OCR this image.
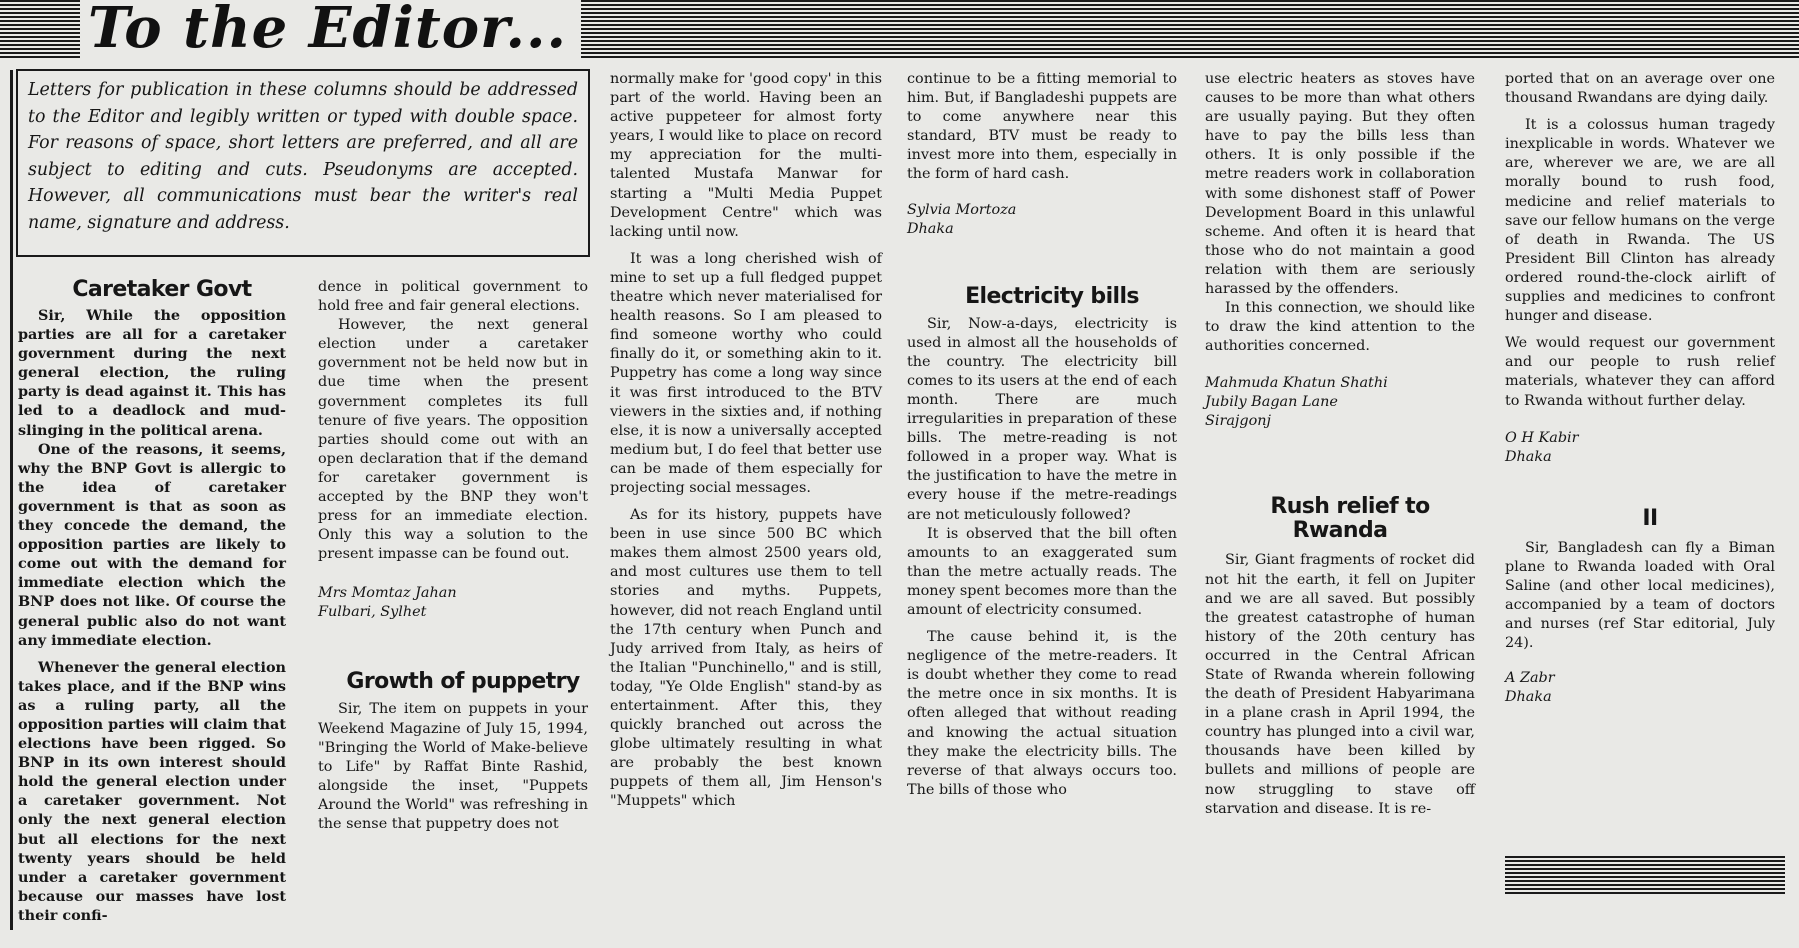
To the Editor...
Letters for publication in these columns should be addressed to the Editor and legibly written or typed with double space. For reasons of space, short letters are preferred, and all are subject to editing and cuts. Pseudonyms are accepted. However, all communications must bear the writer's real name, signature and address.

Caretaker Govt

Sir, While the opposition parties are all for a caretaker government during the next general election, the ruling party is dead against it. This has led to a deadlock and mud-slinging in the political arena.

One of the reasons, it seems, why the BNP Govt is allergic to the idea of caretaker government is that as soon as they concede the demand, the opposition parties are likely to come out with the demand for immediate election which the BNP does not like. Of course the general public also do not want any immediate election.

Whenever the general election takes place, and if the BNP wins as a ruling party, all the opposition parties will claim that elections have been rigged. So BNP in its own interest should hold the general election under a caretaker government. Not only the next general election but all elections for the next twenty years should be held under a caretaker government because our masses have lost their confi-

dence in political government to hold free and fair general elections.

However, the next general election under a caretaker government not be held now but in due time when the present government completes its full tenure of five years. The opposition parties should come out with an open declaration that if the demand for caretaker government is accepted by the BNP they won't press for an immediate election. Only this way a solution to the present impasse can be found out.

Mrs Momtaz Jahan
Fulbari, Sylhet

Growth of puppetry

Sir, The item on puppets in your Weekend Magazine of July 15, 1994, "Bringing the World of Make-believe to Life" by Raffat Binte Rashid, alongside the inset, "Puppets Around the World" was refreshing in the sense that puppetry does not

normally make for 'good copy' in this part of the world. Having been an active puppeteer for almost forty years, I would like to place on record my appreciation for the multi-talented Mustafa Manwar for starting a "Multi Media Puppet Development Centre" which was lacking until now.

It was a long cherished wish of mine to set up a full fledged puppet theatre which never materialised for health reasons. So I am pleased to find someone worthy who could finally do it, or something akin to it. Puppetry has come a long way since it was first introduced to the BTV viewers in the sixties and, if nothing else, it is now a universally accepted medium but, I do feel that better use can be made of them especially for projecting social messages.

As for its history, puppets have been in use since 500 BC which makes them almost 2500 years old, and most cultures use them to tell stories and myths. Puppets, however, did not reach England until the 17th century when Punch and Judy arrived from Italy, as heirs of the Italian "Punchinello," and is still, today, "Ye Olde English" stand-by as entertainment. After this, they quickly branched out across the globe ultimately resulting in what are probably the best known puppets of them all, Jim Henson's "Muppets" which

continue to be a fitting memorial to him. But, if Bangladeshi puppets are to come anywhere near this standard, BTV must be ready to invest more into them, especially in the form of hard cash.

Sylvia Mortoza
Dhaka

Electricity bills

Sir, Now-a-days, electricity is used in almost all the households of the country. The electricity bill comes to its users at the end of each month. There are much irregularities in preparation of these bills. The metre-reading is not followed in a proper way. What is the justification to have the metre in every house if the metre-readings are not meticulously followed?

It is observed that the bill often amounts to an exaggerated sum than the metre actually reads. The money spent becomes more than the amount of electricity consumed.

The cause behind it, is the negligence of the metre-readers. It is doubt whether they come to read the metre once in six months. It is often alleged that without reading and knowing the actual situation they make the electricity bills. The reverse of that always occurs too. The bills of those who

use electric heaters as stoves have causes to be more than what others are usually paying. But they often have to pay the bills less than others. It is only possible if the metre readers work in collaboration with some dishonest staff of Power Development Board in this unlawful scheme. And often it is heard that those who do not maintain a good relation with them are seriously harassed by the offenders.

In this connection, we should like to draw the kind attention to the authorities concerned.

Mahmuda Khatun Shathi
Jubily Bagan Lane
Sirajgonj

Rush relief to Rwanda

Sir, Giant fragments of rocket did not hit the earth, it fell on Jupiter and we are all saved. But possibly the greatest catastrophe of human history of the 20th century has occurred in the Central African State of Rwanda wherein following the death of President Habyarimana in a plane crash in April 1994, the country has plunged into a civil war, thousands have been killed by bullets and millions of people are now struggling to stave off starvation and disease. It is re-

ported that on an average over one thousand Rwandans are dying daily.

It is a colossus human tragedy inexplicable in words. Whatever we are, wherever we are, we are all morally bound to rush food, medicine and relief materials to save our fellow humans on the verge of death in Rwanda. The US President Bill Clinton has already ordered round-the-clock airlift of supplies and medicines to confront hunger and disease.

We would request our government and our people to rush relief materials, whatever they can afford to Rwanda without further delay.

O H Kabir
Dhaka

II

Sir, Bangladesh can fly a Biman plane to Rwanda loaded with Oral Saline (and other local medicines), accompanied by a team of doctors and nurses (ref Star editorial, July 24).

A Zabr
Dhaka
